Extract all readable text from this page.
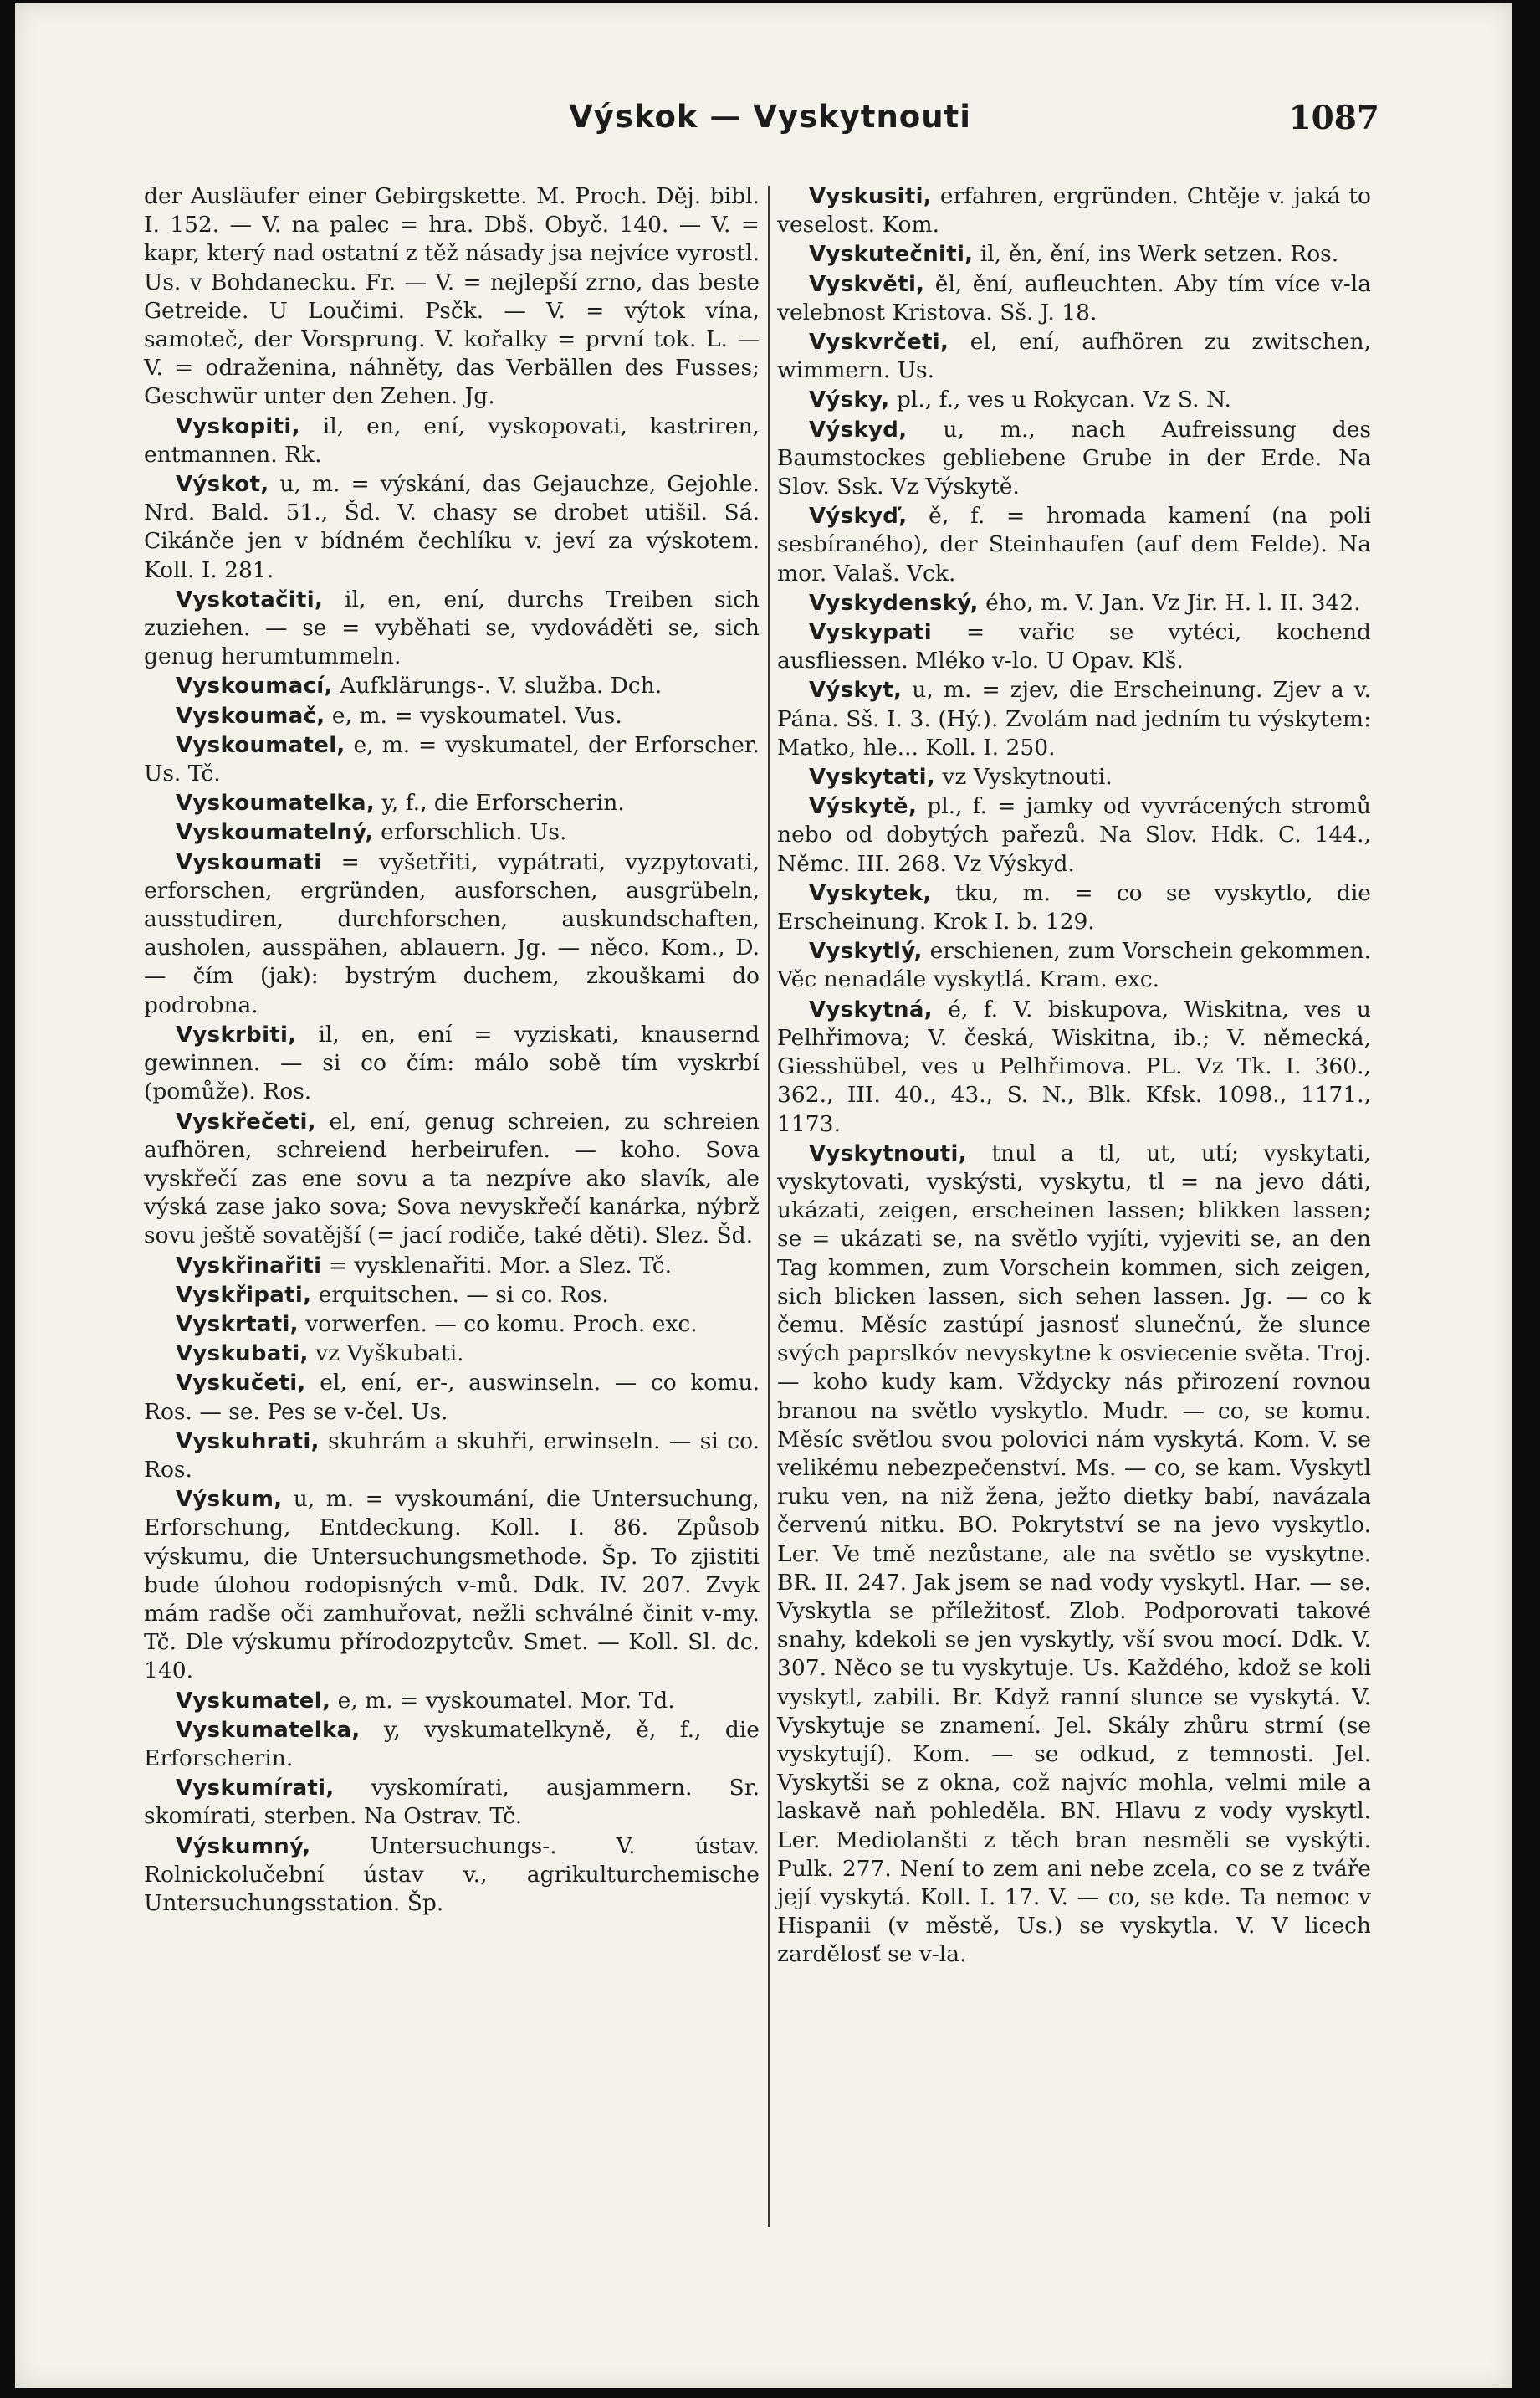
Výskok — Vyskytnouti	1087

der Ausläufer einer Gebirgskette. M. Proch. Děj. bibl. I. 152. — V. na palec = hra. Dbš. Obyč. 140. — V. = kapr, který nad ostatní z těž násady jsa nejvíce vyrostl. Us. v Bohdanecku. Fr. — V. = nejlepší zrno, das beste Getreide. U Loučimi. Psčk. — V. = výtok vína, samoteč, der Vorsprung. V. kořalky = první tok. L. — V. = odraženina, náhněty, das Verbällen des Fusses; Geschwür unter den Zehen. Jg.

Vyskopiti, il, en, ení, vyskopovati, kastriren, entmannen. Rk.

Výskot, u, m. = výskání, das Gejauchze, Gejohle. Nrd. Bald. 51., Šd. V. chasy se drobet utišil. Sá. Cikánče jen v bídném čechlíku v. jeví za výskotem. Koll. I. 281.

Vyskotačiti, il, en, ení, durchs Treiben sich zuziehen. — se = vyběhati se, vydováděti se, sich genug herumtummeln.

Vyskoumací, Aufklärungs-. V. služba. Dch.

Vyskoumač, e, m. = vyskoumatel. Vus.

Vyskoumatel, e, m. = vyskumatel, der Erforscher. Us. Tč.

Vyskoumatelka, y, f., die Erforscherin.

Vyskoumatelný, erforschlich. Us.

Vyskoumati = vyšetřiti, vypátrati, vyzpytovati, erforschen, ergründen, ausforschen, ausgrübeln, ausstudiren, durchforschen, auskundschaften, ausholen, ausspähen, ablauern. Jg. — něco. Kom., D. — čím (jak): bystrým duchem, zkouškami do podrobna.

Vyskrbiti, il, en, ení = vyziskati, knausernd gewinnen. — si co čím: málo sobě tím vyskrbí (pomůže). Ros.

Vyskřečeti, el, ení, genug schreien, zu schreien aufhören, schreiend herbeirufen. — koho. Sova vyskřečí zas ene sovu a ta nezpíve ako slavík, ale výská zase jako sova; Sova nevyskřečí kanárka, nýbrž sovu ještě sovatější (= jací rodiče, také děti). Slez. Šd.

Vyskřinařiti = vysklenařiti. Mor. a Slez. Tč.

Vyskřipati, erquitschen. — si co. Ros.

Vyskrtati, vorwerfen. — co komu. Proch. exc.

Vyskubati, vz Vyškubati.

Vyskučeti, el, ení, er-, auswinseln. — co komu. Ros. — se. Pes se v-čel. Us.

Vyskuhrati, skuhrám a skuhři, erwinseln. — si co. Ros.

Výskum, u, m. = vyskoumání, die Untersuchung, Erforschung, Entdeckung. Koll. I. 86. Způsob výskumu, die Untersuchungsmethode. Šp. To zjistiti bude úlohou rodopisných v-mů. Ddk. IV. 207. Zvyk mám radše oči zamhuřovat, nežli schválné činit v-my. Tč. Dle výskumu přírodozpytcův. Smet. — Koll. Sl. dc. 140.

Vyskumatel, e, m. = vyskoumatel. Mor. Td.

Vyskumatelka, y, vyskumatelkyně, ě, f., die Erforscherin.

Vyskumírati, vyskomírati, ausjammern. Sr. skomírati, sterben. Na Ostrav. Tč.

Výskumný,	Untersuchungs-. V. ústav. Rolnickolučební ústav v., agrikulturchemische Untersuchungsstation. Šp.

Vyskusiti, erfahren, ergründen. Chtěje v. jaká to veselost. Kom.

Vyskutečniti, il, ěn, ění, ins Werk setzen. Ros.

Vyskvěti, ěl, ění, aufleuchten. Aby tím více v-la velebnost Kristova. Sš. J. 18.

Vyskvrčeti, el, ení, aufhören zu zwitschen, wimmern. Us.

Výsky, pl., f., ves u Rokycan. Vz S. N.

Výskyd, u, m., nach Aufreissung des Baumstockes gebliebene Grube in der Erde. Na Slov. Ssk. Vz Výskytě.

Výskyď, ě, f. = hromada kamení (na poli sesbíraného), der Steinhaufen (auf dem Felde). Na mor. Valaš. Vck.

Vyskydenský, ého, m. V. Jan. Vz Jir. H. l. II. 342.

Vyskypati = vařic se vytéci, kochend ausfliessen. Mléko v-lo. U Opav. Klš.

Výskyt, u, m. = zjev, die Erscheinung. Zjev a v. Pána. Sš. I. 3. (Hý.). Zvolám nad jedním tu výskytem: Matko, hle... Koll. I. 250.

Vyskytati, vz Vyskytnouti.

Výskytě, pl., f. = jamky od vyvrácených stromů nebo od dobytých pařezů. Na Slov. Hdk. C. 144., Němc. III. 268. Vz Výskyd.

Vyskytek, tku, m. = co se vyskytlo, die Erscheinung. Krok I. b. 129.

Vyskytlý, erschienen, zum Vorschein gekommen. Věc nenadále vyskytlá. Kram. exc.

Vyskytná, é, f. V. biskupova, Wiskitna, ves u Pelhřimova; V. česká, Wiskitna, ib.; V. německá, Giesshübel, ves u Pelhřimova. PL. Vz Tk. I. 360., 362., III. 40., 43., S. N., Blk. Kfsk. 1098., 1171., 1173.

Vyskytnouti, tnul a tl, ut, utí; vyskytati, vyskytovati, vyskýsti, vyskytu, tl = na jevo dáti, ukázati, zeigen, erscheinen lassen; blikken lassen; se = ukázati se, na světlo vyjíti, vyjeviti se, an den Tag kommen, zum Vorschein kommen, sich zeigen, sich blicken lassen, sich sehen lassen. Jg. — co k čemu. Měsíc zastúpí jasnosť slunečnú, že slunce svých paprslkóv nevyskytne k osviecenie světa. Troj. — koho kudy kam. Vždycky nás přirození rovnou branou na světlo vyskytlo. Mudr. — co, se komu. Měsíc světlou svou polovici nám vyskytá. Kom. V. se velikému nebezpečenství. Ms. — co, se kam. Vyskytl ruku ven, na niž žena, ježto dietky babí, navázala červenú nitku. BO. Pokrytství se na jevo vyskytlo. Ler. Ve tmě nezůstane, ale na světlo se vyskytne. BR. II. 247. Jak jsem se nad vody vyskytl. Har. — se. Vyskytla se příležitosť. Zlob. Podporovati takové snahy, kdekoli se jen vyskytly, vší svou mocí. Ddk. V. 307. Něco se tu vyskytuje. Us. Každého, kdož se koli vyskytl, zabili. Br. Když ranní slunce se vyskytá. V. Vyskytuje se znamení. Jel. Skály zhůru strmí (se vyskytují). Kom. — se odkud, z temnosti. Jel. Vyskytši se z okna, což najvíc mohla, velmi mile a laskavě naň pohleděla. BN. Hlavu z vody vyskytl. Ler. Mediolanšti z těch bran nesměli se vyskýti. Pulk. 277. Není to zem ani nebe zcela, co se z tváře její vyskytá. Koll. I. 17. V. — co, se kde. Ta nemoc v Hispanii (v městě, Us.) se vyskytla. V. V licech zardělosť se v-la.
